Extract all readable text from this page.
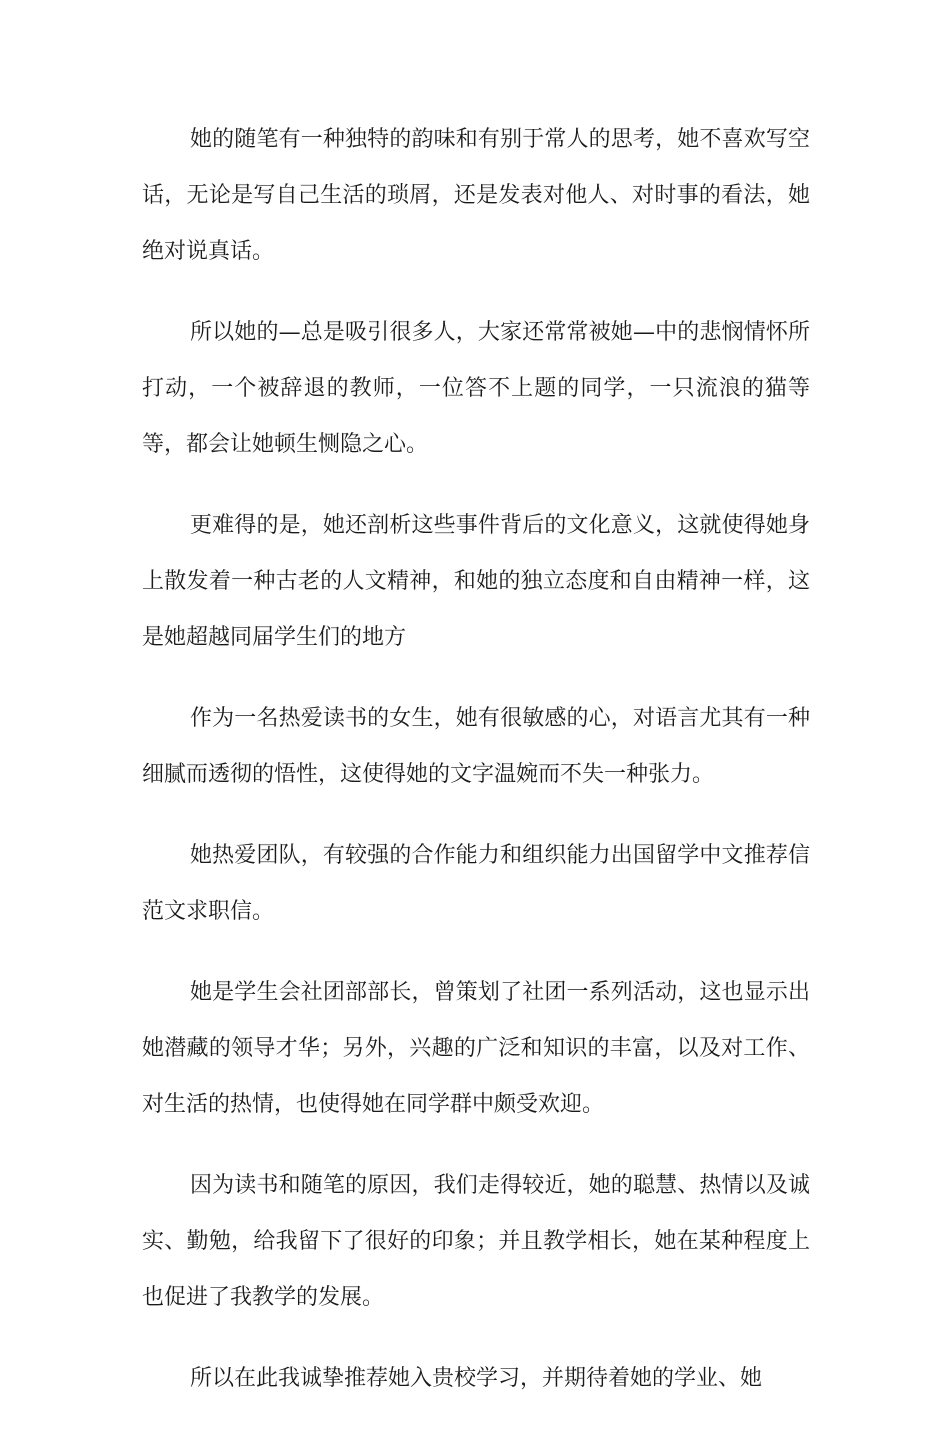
她的随笔有一种独特的韵味和有别于常人的思考，她不喜欢写空话，无论是写自己生活的琐屑，还是发表对他人、对时事的看法，她绝对说真话。

所以她的—总是吸引很多人，大家还常常被她—中的悲悯情怀所打动，一个被辞退的教师，一位答不上题的同学，一只流浪的猫等等，都会让她顿生恻隐之心。

更难得的是，她还剖析这些事件背后的文化意义，这就使得她身上散发着一种古老的人文精神，和她的独立态度和自由精神一样，这是她超越同届学生们的地方

作为一名热爱读书的女生，她有很敏感的心，对语言尤其有一种细腻而透彻的悟性，这使得她的文字温婉而不失一种张力。

她热爱团队，有较强的合作能力和组织能力出国留学中文推荐信范文求职信。

她是学生会社团部部长，曾策划了社团一系列活动，这也显示出她潜藏的领导才华；另外，兴趣的广泛和知识的丰富，以及对工作、对生活的热情，也使得她在同学群中颇受欢迎。

因为读书和随笔的原因，我们走得较近，她的聪慧、热情以及诚实、勤勉，给我留下了很好的印象；并且教学相长，她在某种程度上也促进了我教学的发展。

所以在此我诚挚推荐她入贵校学习，并期待着她的学业、她
